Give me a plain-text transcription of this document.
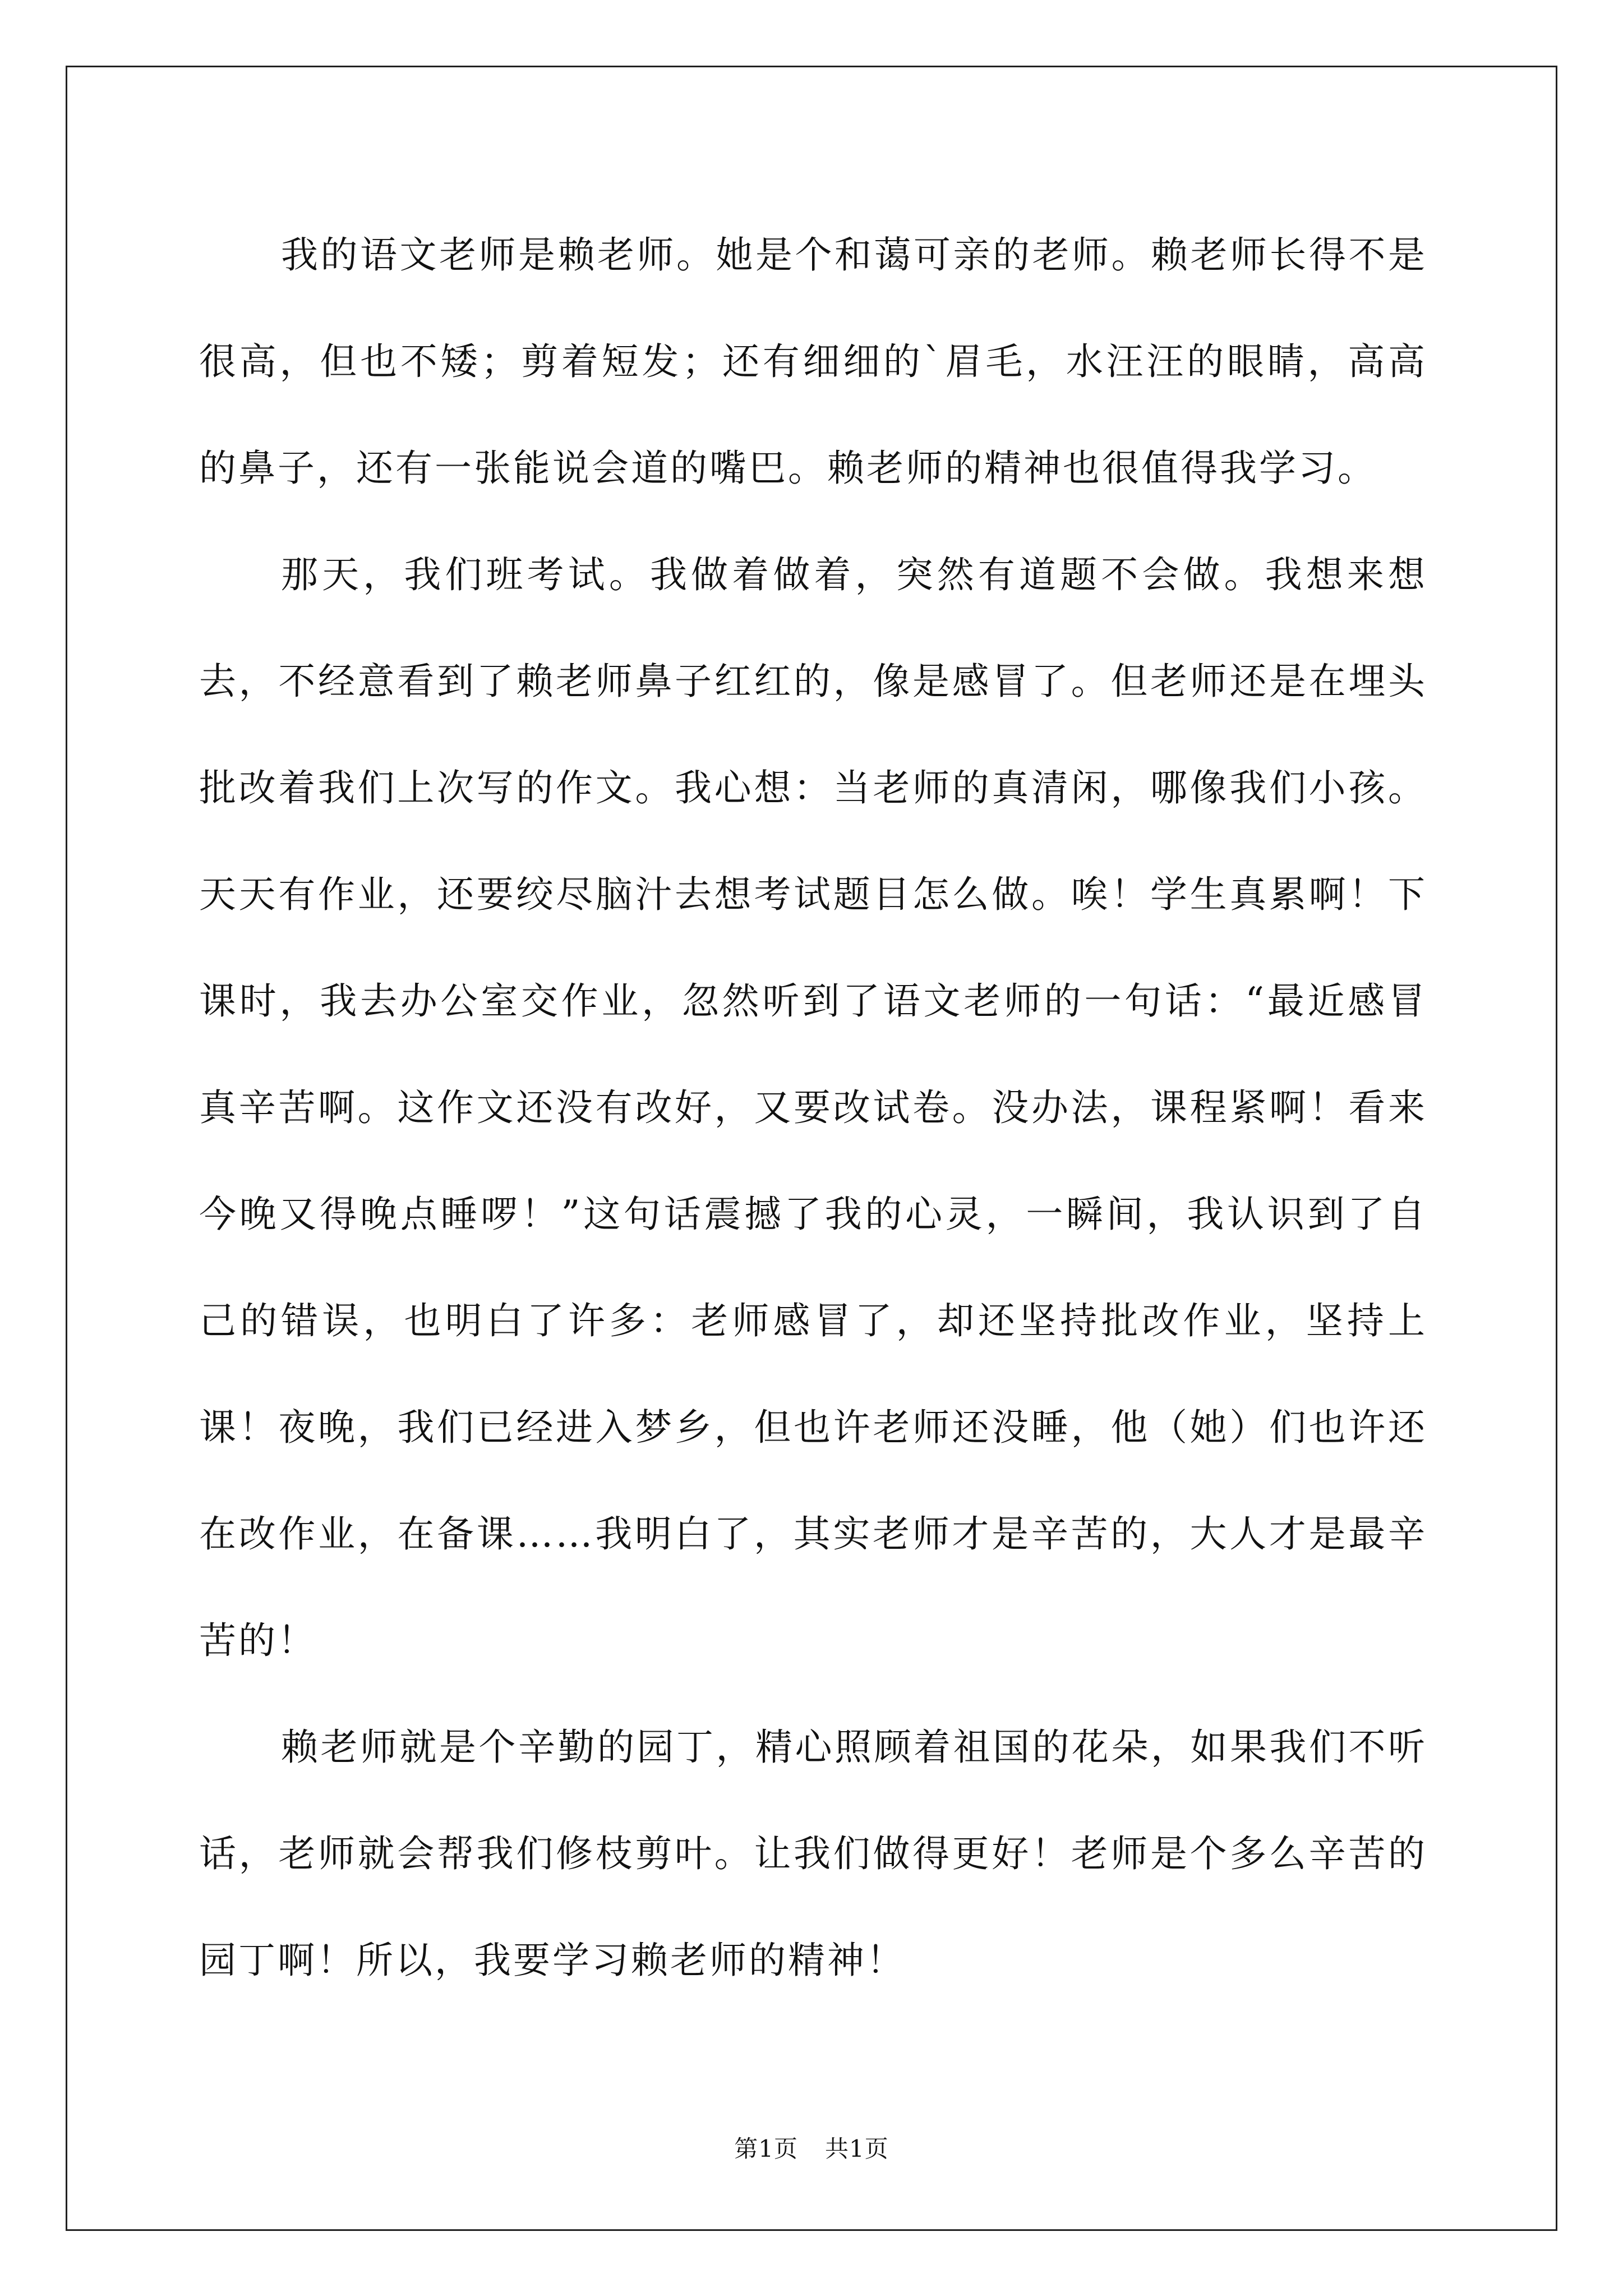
我的语文老师是赖老师。她是个和蔼可亲的老师。赖老师长得不是很高，但也不矮；剪着短发；还有细细的`眉毛，水汪汪的眼睛，高高的鼻子，还有一张能说会道的嘴巴。赖老师的精神也很值得我学习。

那天，我们班考试。我做着做着，突然有道题不会做。我想来想去，不经意看到了赖老师鼻子红红的，像是感冒了。但老师还是在埋头批改着我们上次写的作文。我心想：当老师的真清闲，哪像我们小孩。天天有作业，还要绞尽脑汁去想考试题目怎么做。唉！学生真累啊！下课时，我去办公室交作业，忽然听到了语文老师的一句话：“最近感冒真辛苦啊。这作文还没有改好，又要改试卷。没办法，课程紧啊！看来今晚又得晚点睡啰！”这句话震撼了我的心灵，一瞬间，我认识到了自己的错误，也明白了许多：老师感冒了，却还坚持批改作业，坚持上课！夜晚，我们已经进入梦乡，但也许老师还没睡，他（她）们也许还在改作业，在备课……我明白了，其实老师才是辛苦的，大人才是最辛苦的！

赖老师就是个辛勤的园丁，精心照顾着祖国的花朵，如果我们不听话，老师就会帮我们修枝剪叶。让我们做得更好！老师是个多么辛苦的园丁啊！所以，我要学习赖老师的精神！

第1页 共1页
